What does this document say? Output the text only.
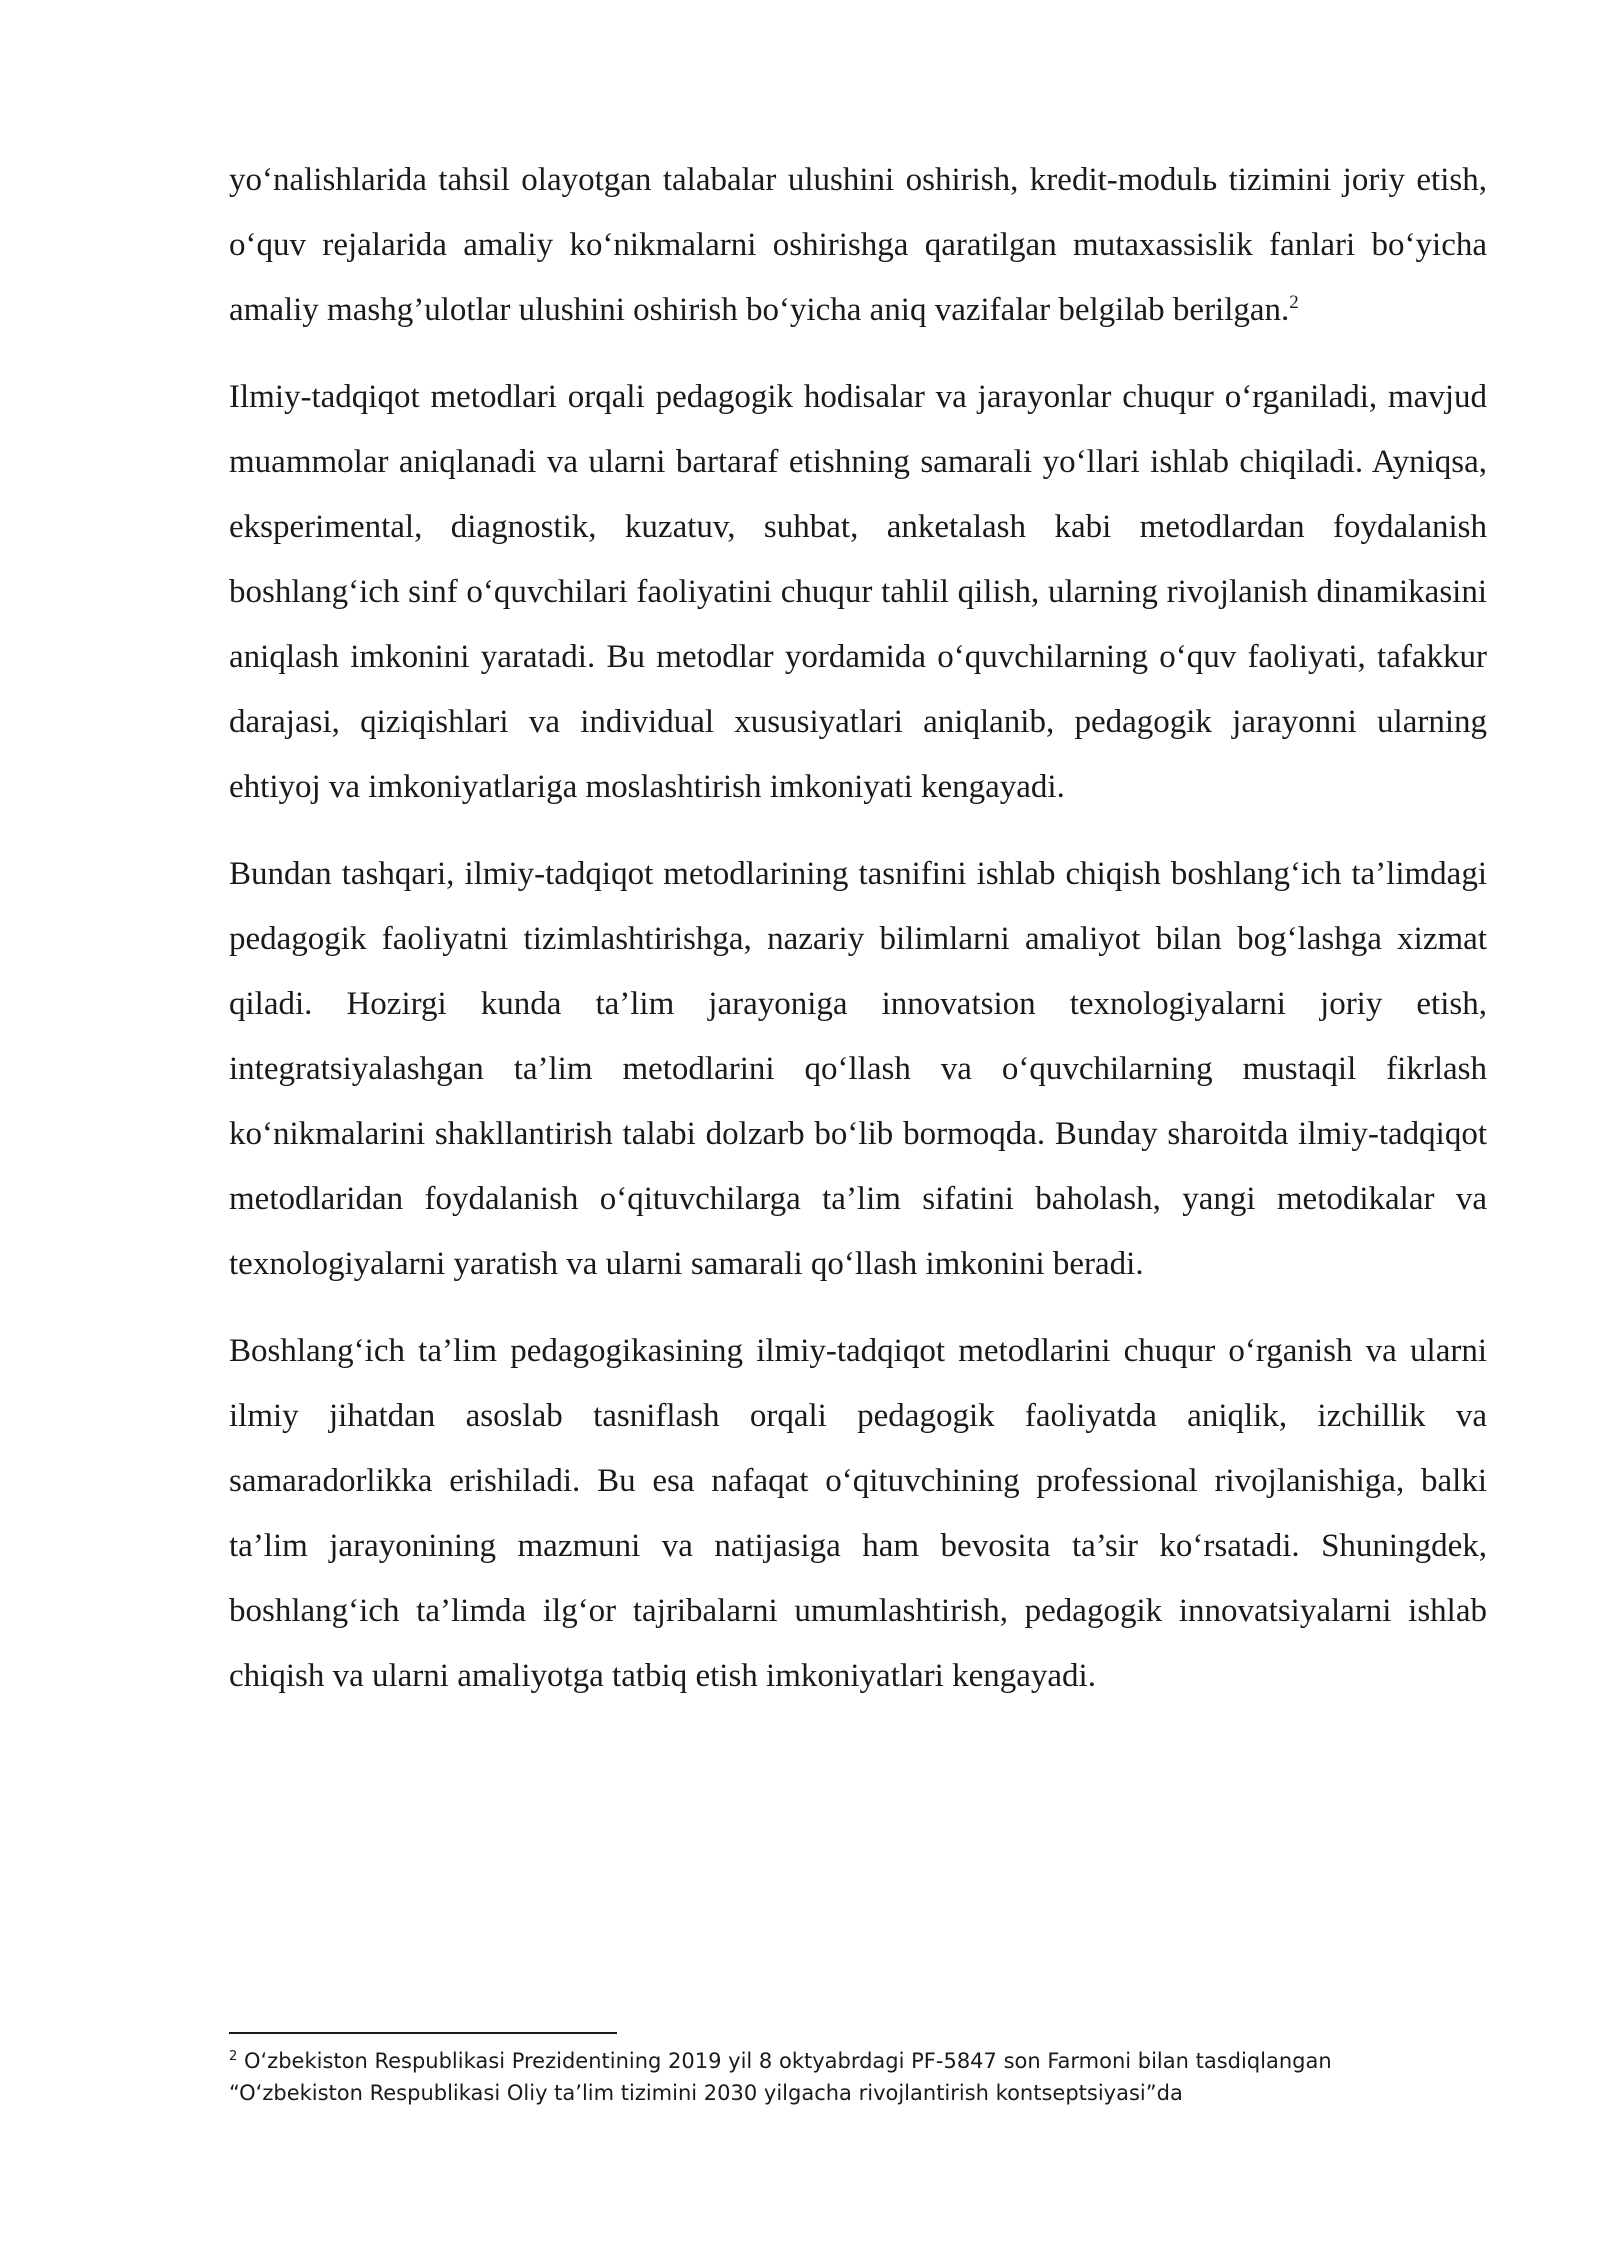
yoʻnalishlarida tahsil olayotgan talabalar ulushini oshirish, kredit-modulь tizimini joriy etish, oʻquv rejalarida amaliy koʻnikmalarni oshirishga qaratilgan mutaxassislik fanlari boʻyicha amaliy mashg’ulotlar ulushini oshirish boʻyicha aniq vazifalar belgilab berilgan.$^2$

Ilmiy-tadqiqot metodlari orqali pedagogik hodisalar va jarayonlar chuqur oʻrganiladi, mavjud muammolar aniqlanadi va ularni bartaraf etishning samarali yoʻllari ishlab chiqiladi. Ayniqsa, eksperimental, diagnostik, kuzatuv, suhbat, anketalash kabi metodlardan foydalanish boshlangʻich sinf oʻquvchilari faoliyatini chuqur tahlil qilish, ularning rivojlanish dinamikasini aniqlash imkonini yaratadi. Bu metodlar yordamida oʻquvchilarning oʻquv faoliyati, tafakkur darajasi, qiziqishlari va individual xususiyatlari aniqlanib, pedagogik jarayonni ularning ehtiyoj va imkoniyatlariga moslashtirish imkoniyati kengayadi.

Bundan tashqari, ilmiy-tadqiqot metodlarining tasnifini ishlab chiqish boshlangʻich ta’limdagi pedagogik faoliyatni tizimlashtirishga, nazariy bilimlarni amaliyot bilan bogʻlashga xizmat qiladi. Hozirgi kunda ta’lim jarayoniga innovatsion texnologiyalarni joriy etish, integratsiyalashgan ta’lim metodlarini qoʻllash va oʻquvchilarning mustaqil fikrlash koʻnikmalarini shakllantirish talabi dolzarb boʻlib bormoqda. Bunday sharoitda ilmiy-tadqiqot metodlaridan foydalanish oʻqituvchilarga ta’lim sifatini baholash, yangi metodikalar va texnologiyalarni yaratish va ularni samarali qoʻllash imkonini beradi.

Boshlangʻich ta’lim pedagogikasining ilmiy-tadqiqot metodlarini chuqur oʻrganish va ularni ilmiy jihatdan asoslab tasniflash orqali pedagogik faoliyatda aniqlik, izchillik va samaradorlikka erishiladi. Bu esa nafaqat oʻqituvchining professional rivojlanishiga, balki ta’lim jarayonining mazmuni va natijasiga ham bevosita ta’sir koʻrsatadi. Shuningdek, boshlangʻich ta’limda ilgʻor tajribalarni umumlashtirish, pedagogik innovatsiyalarni ishlab chiqish va ularni amaliyotga tatbiq etish imkoniyatlari kengayadi.

$^2$ Oʻzbekiston Respublikasi Prezidentining 2019 yil 8 oktyabrdagi PF-5847 son Farmoni bilan tasdiqlangan
“Oʻzbekiston Respublikasi Oliy ta’lim tizimini 2030 yilgacha rivojlantirish kontseptsiyasi”da
